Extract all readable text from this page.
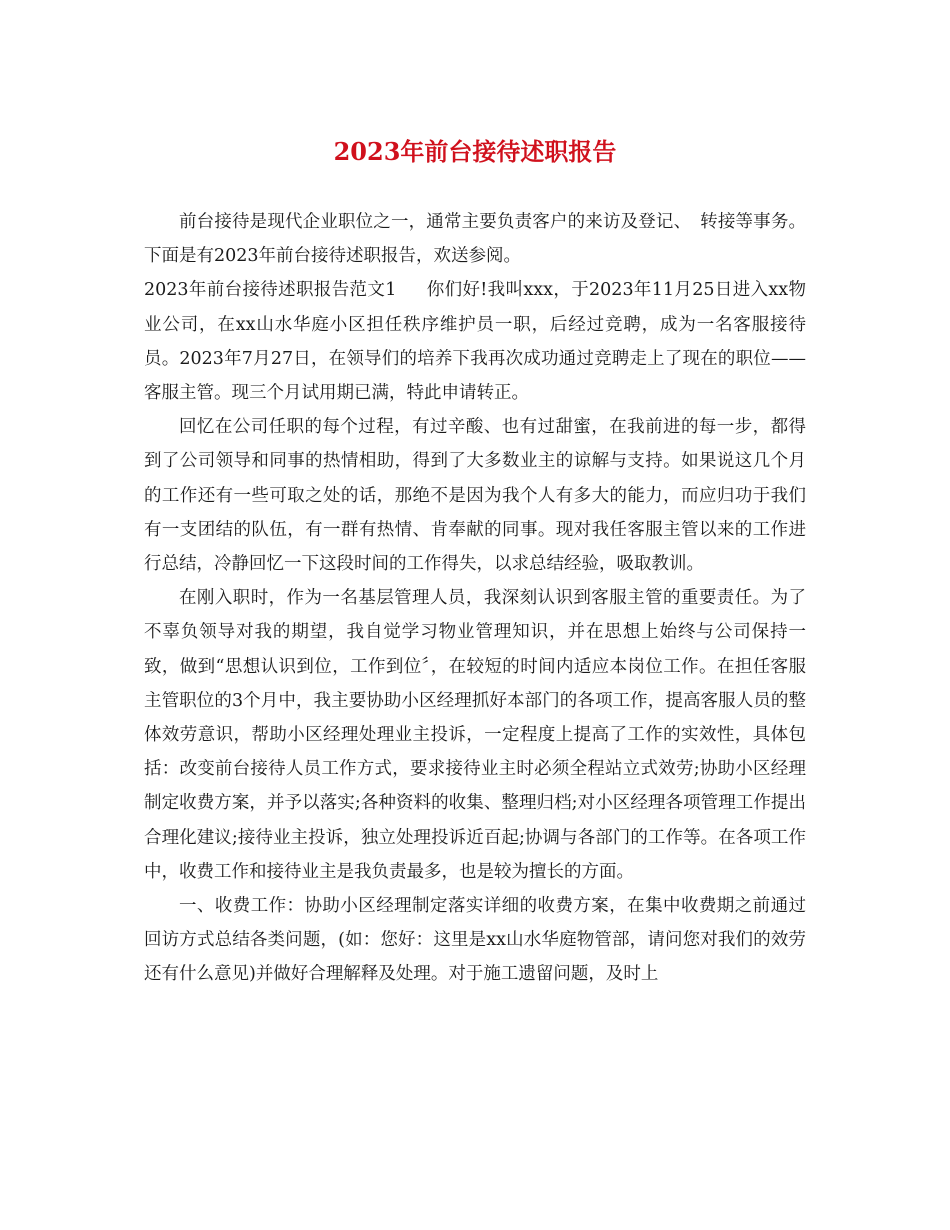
2023年前台接待述职报告

前台接待是现代企业职位之一，通常主要负责客户的来访及登记、　转接等事务。下面是有2023年前台接待述职报告，欢送参阅。

2023年前台接待述职报告范文1 你们好!我叫xxx，于2023年11月25日进入xx物业公司，在xx山水华庭小区担任秩序维护员一职，后经过竞聘，成为一名客服接待员。2023年7月27日，在领导们的培养下我再次成功通过竞聘走上了现在的职位——客服主管。现三个月试用期已满，特此申请转正。

回忆在公司任职的每个过程，有过辛酸、也有过甜蜜，在我前进的每一步，都得到了公司领导和同事的热情相助，得到了大多数业主的谅解与支持。如果说这几个月的工作还有一些可取之处的话，那绝不是因为我个人有多大的能力，而应归功于我们有一支团结的队伍，有一群有热情、肯奉献的同事。现对我任客服主管以来的工作进行总结，冷静回忆一下这段时间的工作得失，以求总结经验，吸取教训。

在刚入职时，作为一名基层管理人员，我深刻认识到客服主管的重要责任。为了不辜负领导对我的期望，我自觉学习物业管理知识，并在思想上始终与公司保持一致，做到“思想认识到位，工作到位〞，在较短的时间内适应本岗位工作。在担任客服主管职位的3个月中，我主要协助小区经理抓好本部门的各项工作，提高客服人员的整体效劳意识，帮助小区经理处理业主投诉，一定程度上提高了工作的实效性，具体包括：改变前台接待人员工作方式，要求接待业主时必须全程站立式效劳;协助小区经理制定收费方案，并予以落实;各种资料的收集、整理归档;对小区经理各项管理工作提出合理化建议;接待业主投诉，独立处理投诉近百起;协调与各部门的工作等。在各项工作中，收费工作和接待业主是我负责最多，也是较为擅长的方面。

一、收费工作：协助小区经理制定落实详细的收费方案，在集中收费期之前通过　回访方式总结各类问题，(如：您好：这里是xx山水华庭物管部，请问您对我们的效劳还有什么意见)并做好合理解释及处理。对于施工遗留问题，及时上
